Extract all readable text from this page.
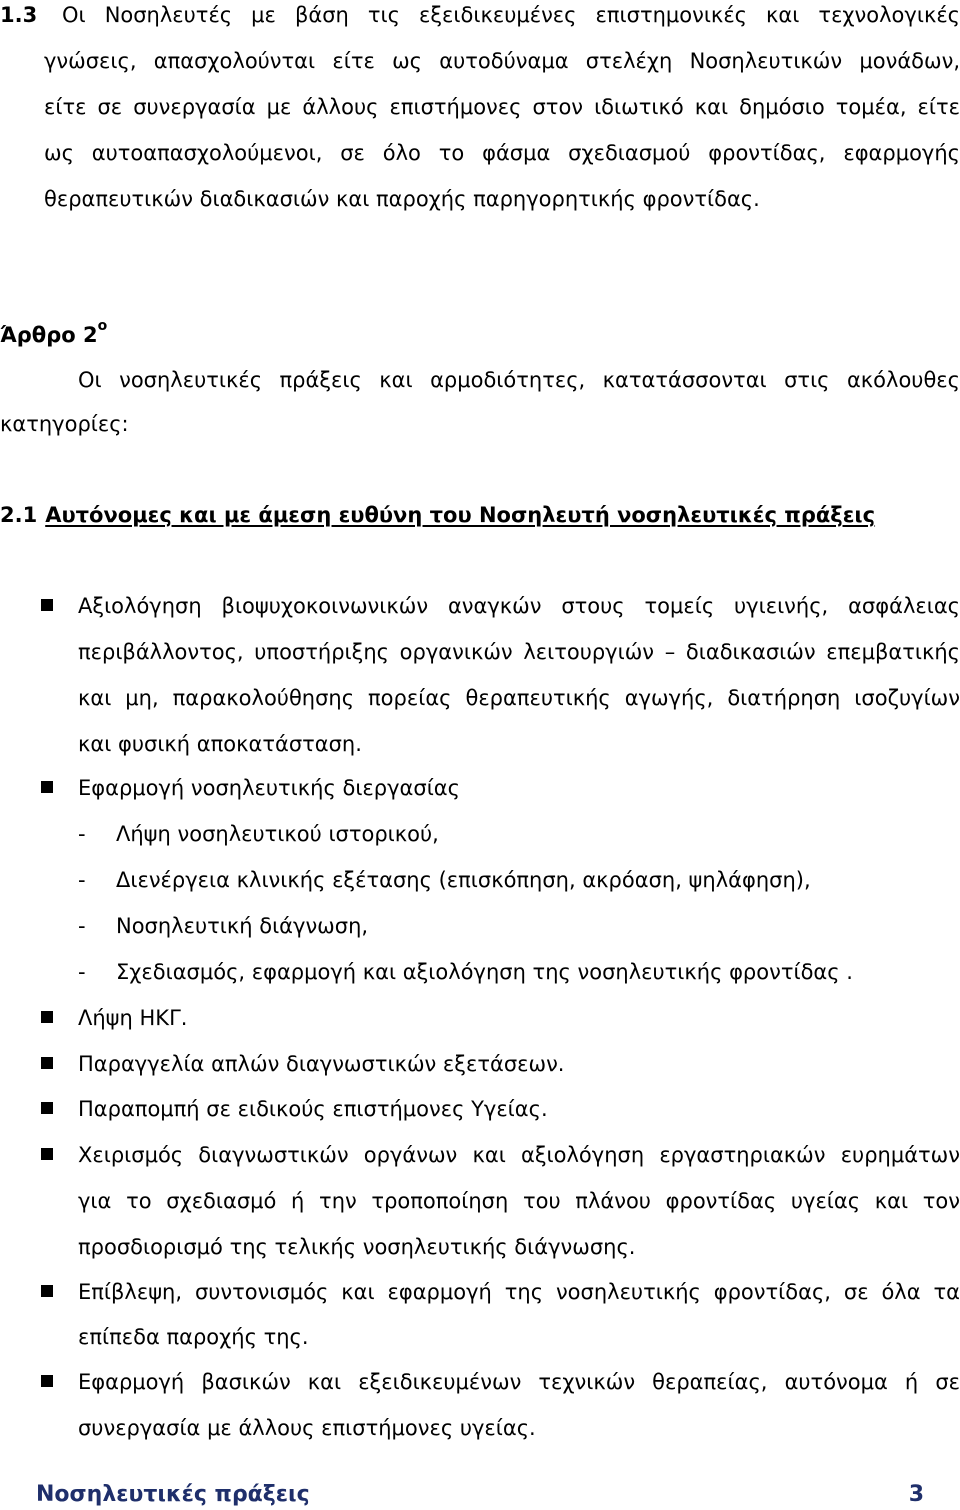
1.3 Οι Νοσηλευτές με βάση τις εξειδικευμένες επιστημονικές και τεχνολογικές
γνώσεις, απασχολούνται είτε ως αυτοδύναμα στελέχη Νοσηλευτικών μονάδων,
είτε σε συνεργασία με άλλους επιστήμονες στον ιδιωτικό και δημόσιο τομέα, είτε
ως αυτοαπασχολούμενοι, σε όλο το φάσμα σχεδιασμού φροντίδας, εφαρμογής
θεραπευτικών διαδικασιών και παροχής παρηγορητικής φροντίδας.
Άρθρο $2^o$
Οι νοσηλευτικές πράξεις και αρμοδιότητες, κατατάσσονται στις ακόλουθες
κατηγορίες:
2.1 Αυτόνομες και με άμεση ευθύνη του Νοσηλευτή νοσηλευτικές πράξεις
Αξιολόγηση βιοψυχοκοινωνικών αναγκών στους τομείς υγιεινής, ασφάλειας
περιβάλλοντος, υποστήριξης οργανικών λειτουργιών – διαδικασιών επεμβατικής
και μη, παρακολούθησης πορείας θεραπευτικής αγωγής, διατήρηση ισοζυγίων
και φυσική αποκατάσταση.
Εφαρμογή νοσηλευτικής διεργασίας
- Λήψη νοσηλευτικού ιστορικού,
- Διενέργεια κλινικής εξέτασης (επισκόπηση, ακρόαση, ψηλάφηση),
- Νοσηλευτική διάγνωση,
- Σχεδιασμός, εφαρμογή και αξιολόγηση της νοσηλευτικής φροντίδας .
Λήψη ΗΚΓ.
Παραγγελία απλών διαγνωστικών εξετάσεων.
Παραπομπή σε ειδικούς επιστήμονες Υγείας.
Χειρισμός διαγνωστικών οργάνων και αξιολόγηση εργαστηριακών ευρημάτων
για το σχεδιασμό ή την τροποποίηση του πλάνου φροντίδας υγείας και τον
προσδιορισμό της τελικής νοσηλευτικής διάγνωσης.
Επίβλεψη, συντονισμός και εφαρμογή της νοσηλευτικής φροντίδας, σε όλα τα
επίπεδα παροχής της.
Εφαρμογή βασικών και εξειδικευμένων τεχνικών θεραπείας, αυτόνομα ή σε
συνεργασία με άλλους επιστήμονες υγείας.
Νοσηλευτικές πράξεις	3
